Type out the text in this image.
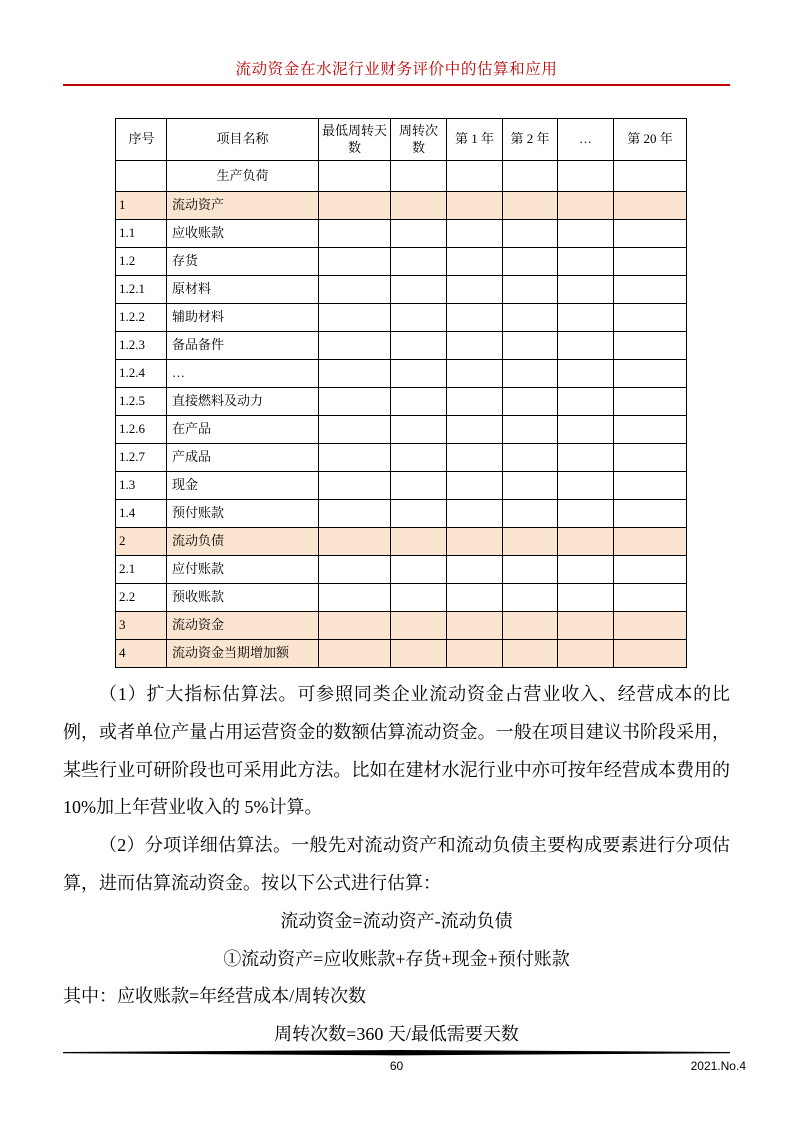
流动资金在水泥行业财务评价中的估算和应用
序号	项目名称	最低周转天数	周转次数	第 1 年	第 2 年	…	第 20 年
	生产负荷						
1	流动资产						
1.1	应收账款						
1.2	存货						
1.2.1	原材料						
1.2.2	辅助材料						
1.2.3	备品备件						
1.2.4	…						
1.2.5	直接燃料及动力						
1.2.6	在产品						
1.2.7	产成品						
1.3	现金						
1.4	预付账款						
2	流动负债						
2.1	应付账款						
2.2	预收账款						
3	流动资金						
4	流动资金当期增加额						

（1）扩大指标估算法。可参照同类企业流动资金占营业收入、经营成本的比例，或者单位产量占用运营资金的数额估算流动资金。一般在项目建议书阶段采用，某些行业可研阶段也可采用此方法。比如在建材水泥行业中亦可按年经营成本费用的 10%加上年营业收入的 5%计算。

（2）分项详细估算法。一般先对流动资产和流动负债主要构成要素进行分项估算，进而估算流动资金。按以下公式进行估算：

流动资金=流动资产-流动负债

①流动资产=应收账款+存货+现金+预付账款

其中：应收账款=年经营成本/周转次数

周转次数=360 天/最低需要天数

60	2021.No.4
